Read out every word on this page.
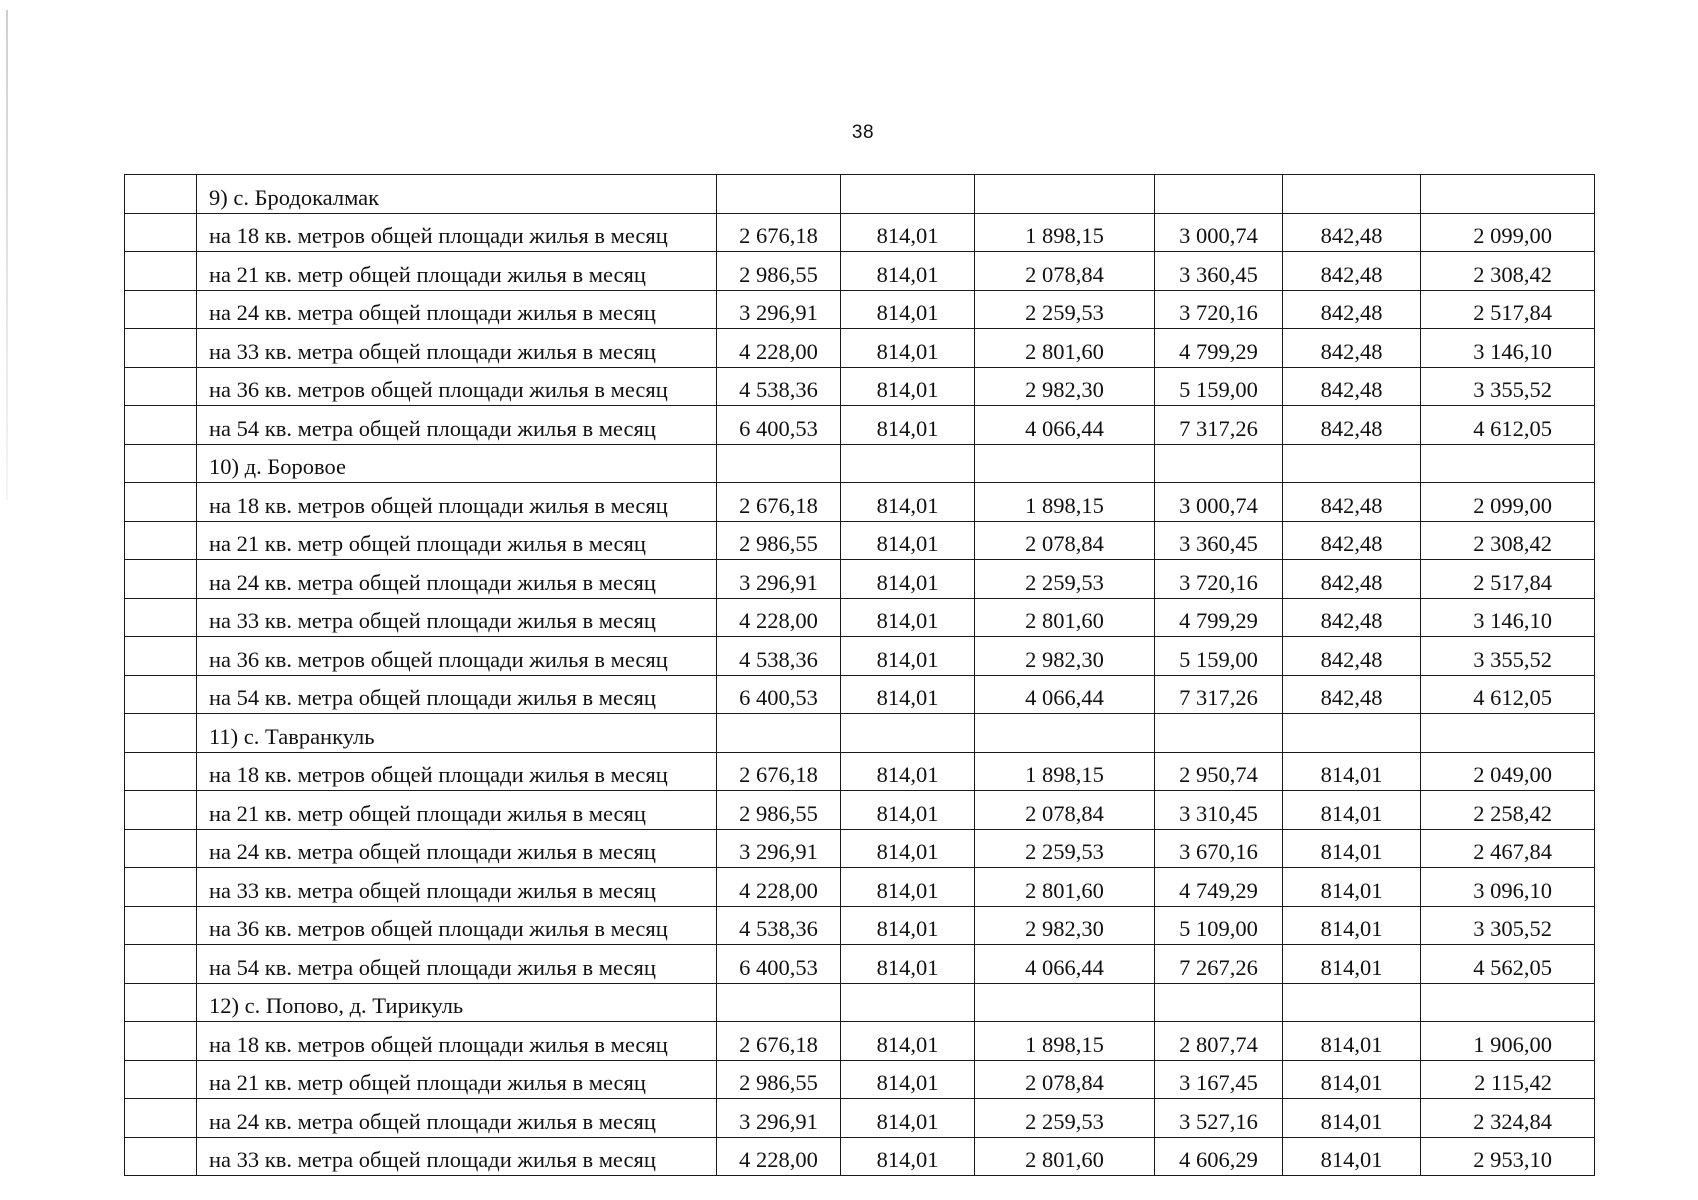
38
	9) с. Бродокалмак						
	на 18 кв. метров общей площади жилья в месяц	2 676,18	814,01	1 898,15	3 000,74	842,48	2 099,00
	на 21 кв. метр общей площади жилья в месяц	2 986,55	814,01	2 078,84	3 360,45	842,48	2 308,42
	на 24 кв. метра общей площади жилья в месяц	3 296,91	814,01	2 259,53	3 720,16	842,48	2 517,84
	на 33 кв. метра общей площади жилья в месяц	4 228,00	814,01	2 801,60	4 799,29	842,48	3 146,10
	на 36 кв. метров общей площади жилья в месяц	4 538,36	814,01	2 982,30	5 159,00	842,48	3 355,52
	на 54 кв. метра общей площади жилья в месяц	6 400,53	814,01	4 066,44	7 317,26	842,48	4 612,05
	10) д. Боровое						
	на 18 кв. метров общей площади жилья в месяц	2 676,18	814,01	1 898,15	3 000,74	842,48	2 099,00
	на 21 кв. метр общей площади жилья в месяц	2 986,55	814,01	2 078,84	3 360,45	842,48	2 308,42
	на 24 кв. метра общей площади жилья в месяц	3 296,91	814,01	2 259,53	3 720,16	842,48	2 517,84
	на 33 кв. метра общей площади жилья в месяц	4 228,00	814,01	2 801,60	4 799,29	842,48	3 146,10
	на 36 кв. метров общей площади жилья в месяц	4 538,36	814,01	2 982,30	5 159,00	842,48	3 355,52
	на 54 кв. метра общей площади жилья в месяц	6 400,53	814,01	4 066,44	7 317,26	842,48	4 612,05
	11) с. Тавранкуль						
	на 18 кв. метров общей площади жилья в месяц	2 676,18	814,01	1 898,15	2 950,74	814,01	2 049,00
	на 21 кв. метр общей площади жилья в месяц	2 986,55	814,01	2 078,84	3 310,45	814,01	2 258,42
	на 24 кв. метра общей площади жилья в месяц	3 296,91	814,01	2 259,53	3 670,16	814,01	2 467,84
	на 33 кв. метра общей площади жилья в месяц	4 228,00	814,01	2 801,60	4 749,29	814,01	3 096,10
	на 36 кв. метров общей площади жилья в месяц	4 538,36	814,01	2 982,30	5 109,00	814,01	3 305,52
	на 54 кв. метра общей площади жилья в месяц	6 400,53	814,01	4 066,44	7 267,26	814,01	4 562,05
	12) с. Попово, д. Тирикуль						
	на 18 кв. метров общей площади жилья в месяц	2 676,18	814,01	1 898,15	2 807,74	814,01	1 906,00
	на 21 кв. метр общей площади жилья в месяц	2 986,55	814,01	2 078,84	3 167,45	814,01	2 115,42
	на 24 кв. метра общей площади жилья в месяц	3 296,91	814,01	2 259,53	3 527,16	814,01	2 324,84
	на 33 кв. метра общей площади жилья в месяц	4 228,00	814,01	2 801,60	4 606,29	814,01	2 953,10
